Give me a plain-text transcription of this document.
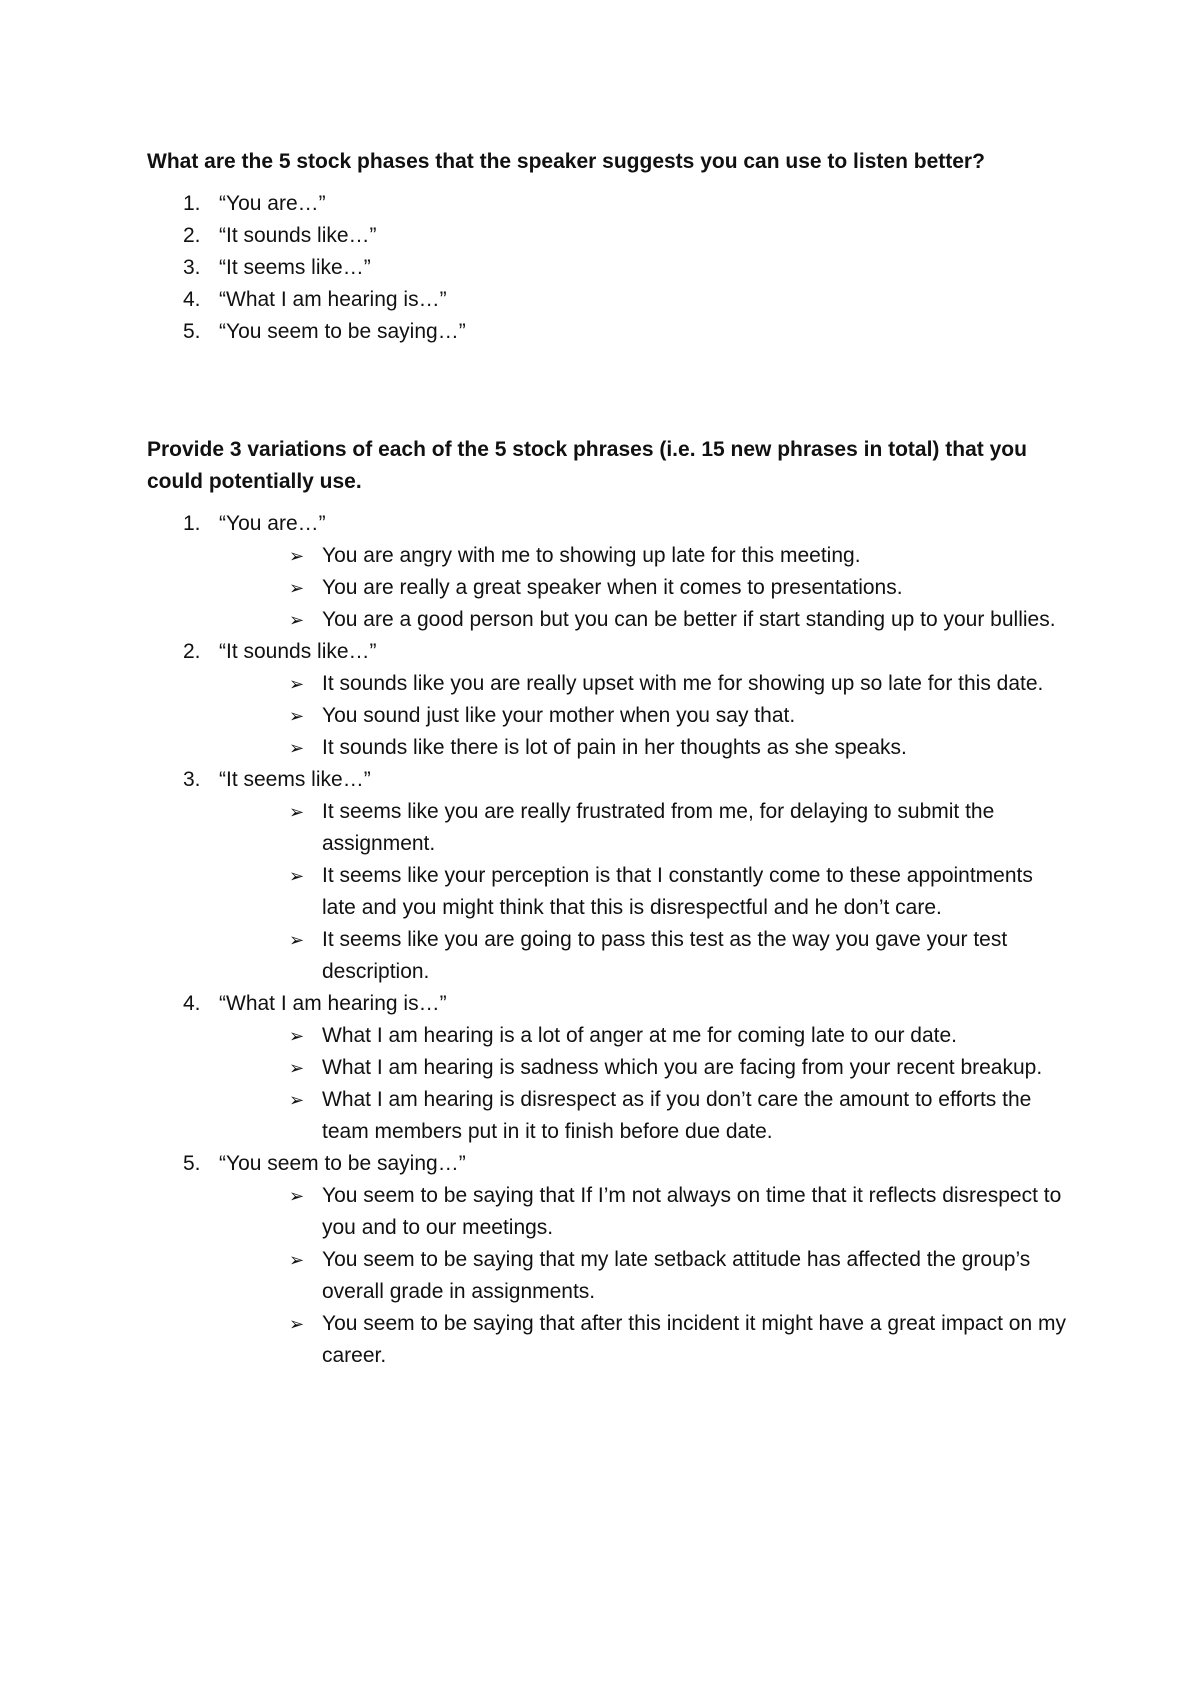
What are the 5 stock phases that the speaker suggests you can use to listen better?

1. “You are…”
2. “It sounds like…”
3. “It seems like…”
4. “What I am hearing is…”
5. “You seem to be saying…”

Provide 3 variations of each of the 5 stock phrases (i.e. 15 new phrases in total) that you could potentially use.

1. “You are…”
➢ You are angry with me to showing up late for this meeting.
➢ You are really a great speaker when it comes to presentations.
➢ You are a good person but you can be better if start standing up to your bullies.
2. “It sounds like…”
➢ It sounds like you are really upset with me for showing up so late for this date.
➢ You sound just like your mother when you say that.
➢ It sounds like there is lot of pain in her thoughts as she speaks.
3. “It seems like…”
➢ It seems like you are really frustrated from me, for delaying to submit the assignment.
➢ It seems like your perception is that I constantly come to these appointments late and you might think that this is disrespectful and he don’t care.
➢ It seems like you are going to pass this test as the way you gave your test description.
4. “What I am hearing is…”
➢ What I am hearing is a lot of anger at me for coming late to our date.
➢ What I am hearing is sadness which you are facing from your recent breakup.
➢ What I am hearing is disrespect as if you don’t care the amount to efforts the team members put in it to finish before due date.
5. “You seem to be saying…”
➢ You seem to be saying that If I’m not always on time that it reflects disrespect to you and to our meetings.
➢ You seem to be saying that my late setback attitude has affected the group’s overall grade in assignments.
➢ You seem to be saying that after this incident it might have a great impact on my career.
